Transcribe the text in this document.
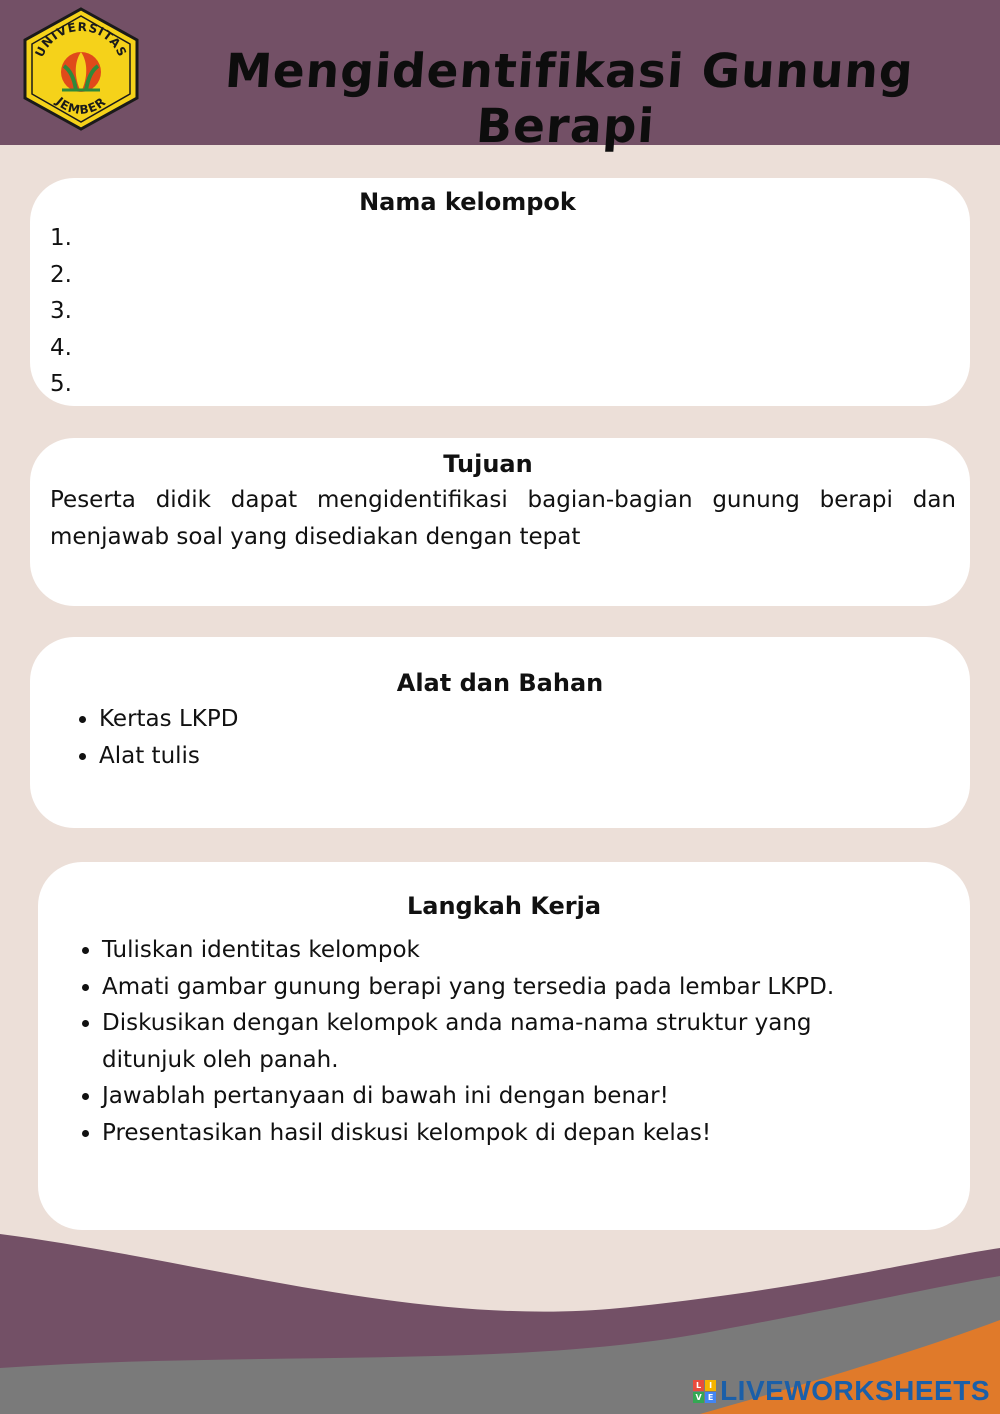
UNIVERSITAS
JEMBER
Mengidentifikasi Gunung Berapi
Nama kelompok
1.
2.
3.
4.
5.
Tujuan

Peserta didik dapat mengidentifikasi bagian-bagian gunung berapi dan menjawab soal yang disediakan dengan tepat

Alat dan Bahan
• Kertas LKPD
• Alat tulis
Langkah Kerja
• Tuliskan identitas kelompok
• Amati gambar gunung berapi yang tersedia pada lembar LKPD.
• Diskusikan dengan kelompok anda nama-nama struktur yang ditunjuk oleh panah.
• Jawablah pertanyaan di bawah ini dengan benar!
• Presentasikan hasil diskusi kelompok di depan kelas!
L I
V E LIVEWORKSHEETS
